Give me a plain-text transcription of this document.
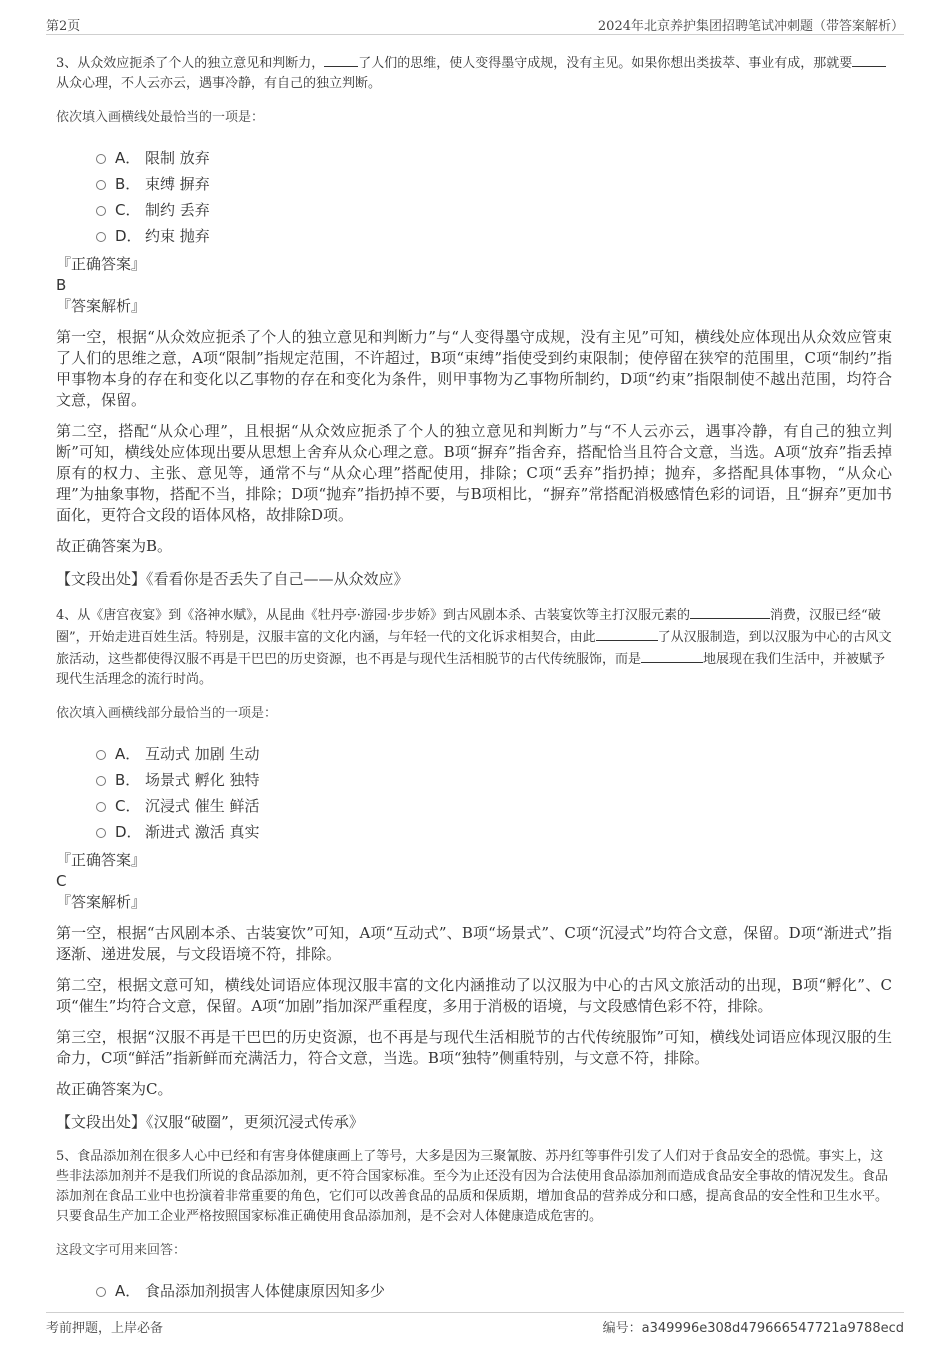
第2页	2024年北京养护集团招聘笔试冲刺题（带答案解析）

3、从众效应扼杀了个人的独立意见和判断力，	了人们的思维，使人变得墨守成规，没有主见。如果你想出类拔萃、事业有成，那就要从众心理，不人云亦云，遇事冷静，有自己的独立判断。

依次填入画横线处最恰当的一项是：

A． 限制 放弃
B． 束缚 摒弃
C． 制约 丢弃
D． 约束 抛弃

『正确答案』

B

『答案解析』

第一空，根据“从众效应扼杀了个人的独立意见和判断力”与“人变得墨守成规，没有主见”可知，横线处应体现出从众效应管束了人们的思维之意，A项“限制”指规定范围，不许超过，B项“束缚”指使受到约束限制；使停留在狭窄的范围里，C项“制约”指甲事物本身的存在和变化以乙事物的存在和变化为条件，则甲事物为乙事物所制约，D项“约束”指限制使不越出范围，均符合文意，保留。

第二空，搭配“从众心理”，且根据“从众效应扼杀了个人的独立意见和判断力”与“不人云亦云，遇事冷静，有自己的独立判断”可知，横线处应体现出要从思想上舍弃从众心理之意。B项“摒弃”指舍弃，搭配恰当且符合文意，当选。A项“放弃”指丢掉原有的权力、主张、意见等，通常不与“从众心理”搭配使用，排除；C项“丢弃”指扔掉；抛弃，多搭配具体事物，“从众心理”为抽象事物，搭配不当，排除；D项“抛弃”指扔掉不要，与B项相比，“摒弃”常搭配消极感情色彩的词语，且“摒弃”更加书面化，更符合文段的语体风格，故排除D项。

故正确答案为B。

【文段出处】《看看你是否丢失了自己——从众效应》

4、从《唐宫夜宴》到《洛神水赋》，从昆曲《牡丹亭·游园·步步娇》到古风剧本杀、古装宴饮等主打汉服元素的	消费，汉服已经“破圈”，开始走进百姓生活。特别是，汉服丰富的文化内涵，与年轻一代的文化诉求相契合，由此	了从汉服制造，到以汉服为中心的古风文旅活动，这些都使得汉服不再是干巴巴的历史资源，也不再是与现代生活相脱节的古代传统服饰，而是	地展现在我们生活中，并被赋予现代生活理念的流行时尚。

依次填入画横线部分最恰当的一项是：

A． 互动式 加剧 生动
B． 场景式 孵化 独特
C． 沉浸式 催生 鲜活
D． 渐进式 激活 真实

『正确答案』

C

『答案解析』

第一空，根据“古风剧本杀、古装宴饮”可知，A项“互动式”、B项“场景式”、C项“沉浸式”均符合文意，保留。D项“渐进式”指逐渐、递进发展，与文段语境不符，排除。

第二空，根据文意可知，横线处词语应体现汉服丰富的文化内涵推动了以汉服为中心的古风文旅活动的出现，B项“孵化”、C项“催生”均符合文意，保留。A项“加剧”指加深严重程度，多用于消极的语境，与文段感情色彩不符，排除。

第三空，根据“汉服不再是干巴巴的历史资源，也不再是与现代生活相脱节的古代传统服饰”可知，横线处词语应体现汉服的生命力，C项“鲜活”指新鲜而充满活力，符合文意，当选。B项“独特”侧重特别，与文意不符，排除。

故正确答案为C。

【文段出处】《汉服“破圈”，更须沉浸式传承》

5、食品添加剂在很多人心中已经和有害身体健康画上了等号，大多是因为三聚氰胺、苏丹红等事件引发了人们对于食品安全的恐慌。事实上，这些非法添加剂并不是我们所说的食品添加剂，更不符合国家标准。至今为止还没有因为合法使用食品添加剂而造成食品安全事故的情况发生。食品添加剂在食品工业中也扮演着非常重要的角色，它们可以改善食品的品质和保质期，增加食品的营养成分和口感，提高食品的安全性和卫生水平。只要食品生产加工企业严格按照国家标准正确使用食品添加剂，是不会对人体健康造成危害的。

这段文字可用来回答：

A． 食品添加剂损害人体健康原因知多少
考前押题，上岸必备	编号：a349996e308d479666547721a9788ecd
